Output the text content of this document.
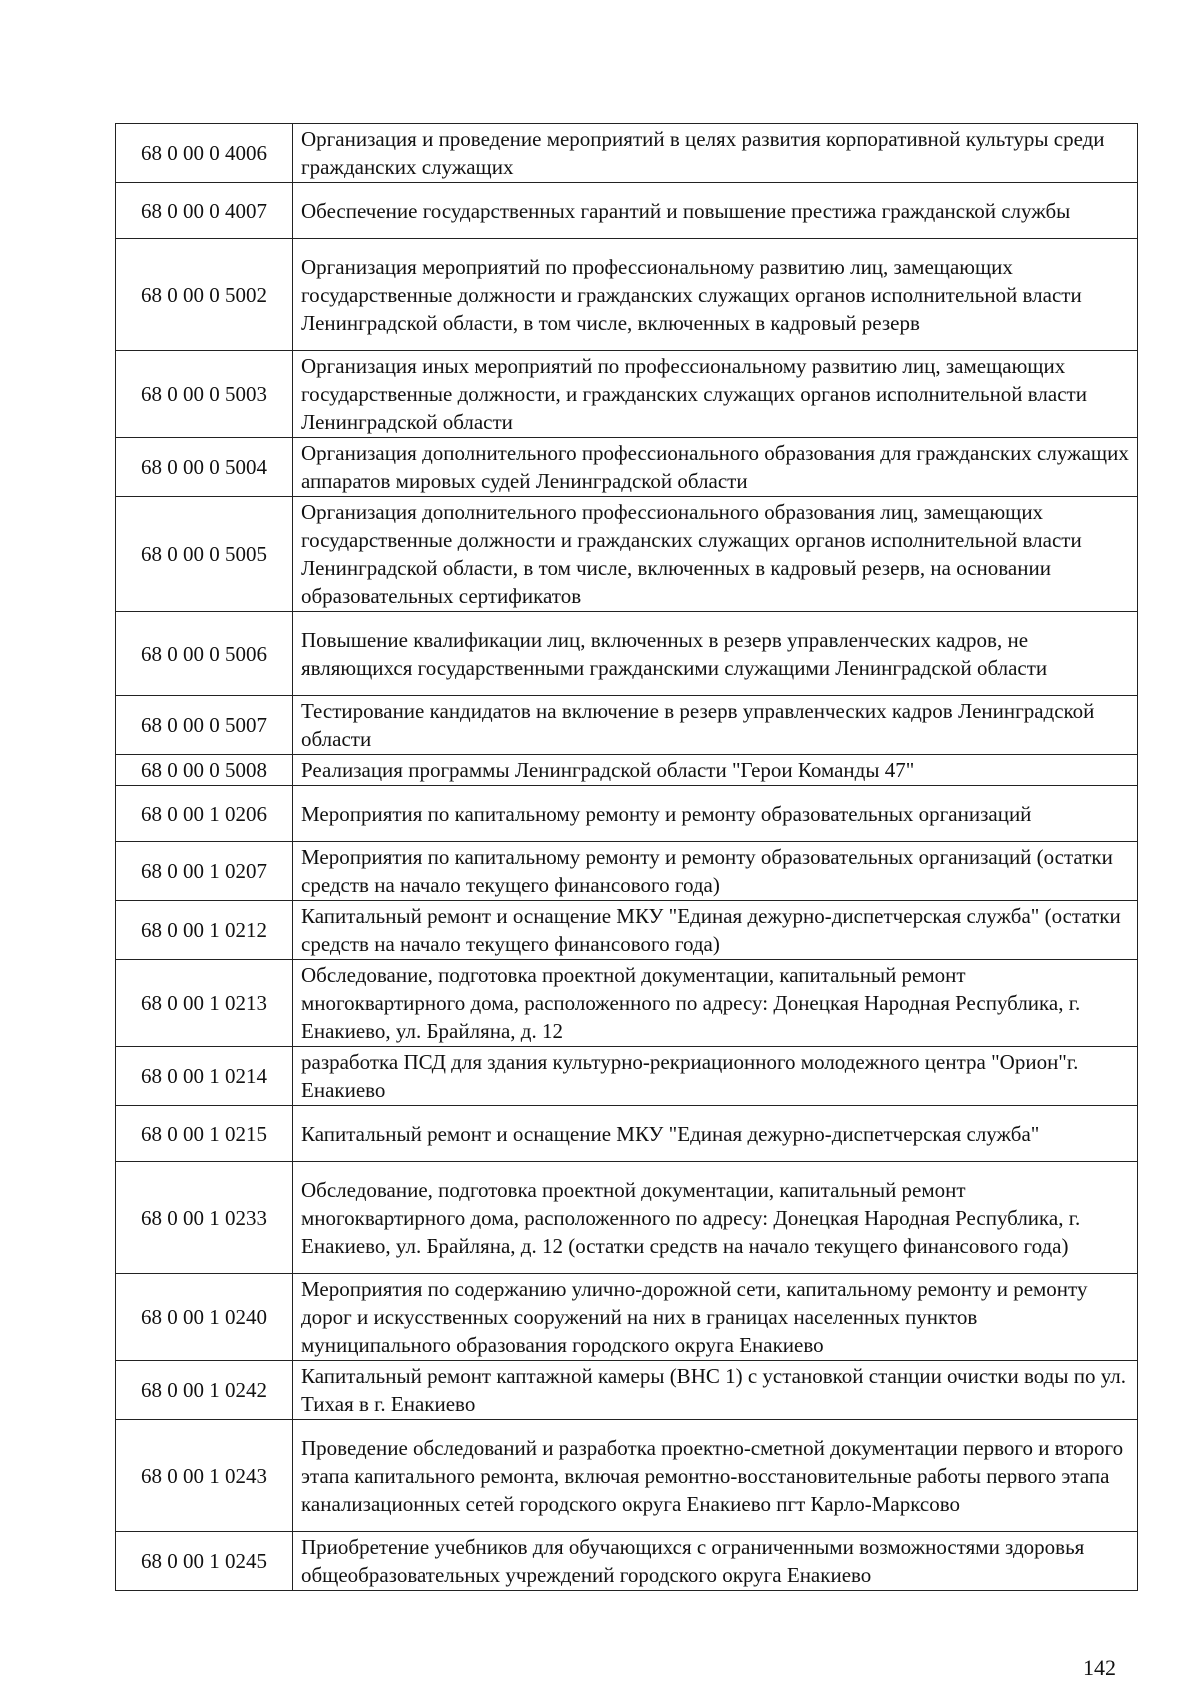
68 0 00 0 4006	Организация и проведение мероприятий в целях развития корпоративной культуры среди гражданских служащих
68 0 00 0 4007	Обеспечение государственных гарантий и повышение престижа гражданской службы
68 0 00 0 5002	Организация мероприятий по профессиональному развитию лиц, замещающих государственные должности и гражданских служащих органов исполнительной власти Ленинградской области, в том числе, включенных в кадровый резерв
68 0 00 0 5003	Организация иных мероприятий по профессиональному развитию лиц, замещающих государственные должности, и гражданских служащих органов исполнительной власти Ленинградской области
68 0 00 0 5004	Организация дополнительного профессионального образования для гражданских служащих аппаратов мировых судей Ленинградской области
68 0 00 0 5005	Организация дополнительного профессионального образования лиц, замещающих государственные должности и гражданских служащих органов исполнительной власти Ленинградской области, в том числе, включенных в кадровый резерв, на основании образовательных сертификатов
68 0 00 0 5006	Повышение квалификации лиц, включенных в резерв управленческих кадров, не являющихся государственными гражданскими служащими Ленинградской области
68 0 00 0 5007	Тестирование кандидатов на включение в резерв управленческих кадров Ленинградской области
68 0 00 0 5008	Реализация программы Ленинградской области "Герои Команды 47"
68 0 00 1 0206	Мероприятия по капитальному ремонту и ремонту образовательных организаций
68 0 00 1 0207	Мероприятия по капитальному ремонту и ремонту образовательных организаций (остатки средств на начало текущего финансового года)
68 0 00 1 0212	Капитальный ремонт и оснащение МКУ "Единая дежурно-диспетчерская служба" (остатки средств на начало текущего финансового года)
68 0 00 1 0213	Обследование, подготовка проектной документации, капитальный ремонт многоквартирного дома, расположенного по адресу: Донецкая Народная Республика, г. Енакиево, ул. Брайляна, д. 12
68 0 00 1 0214	разработка ПСД для здания культурно-рекриационного молодежного центра "Орион"г. Енакиево
68 0 00 1 0215	Капитальный ремонт и оснащение МКУ "Единая дежурно-диспетчерская служба"
68 0 00 1 0233	Обследование, подготовка проектной документации, капитальный ремонт многоквартирного дома, расположенного по адресу: Донецкая Народная Республика, г. Енакиево, ул. Брайляна, д. 12 (остатки средств на начало текущего финансового года)
68 0 00 1 0240	Мероприятия по содержанию улично-дорожной сети, капитальному ремонту и ремонту дорог и искусственных сооружений на них в границах населенных пунктов муниципального образования городского округа Енакиево
68 0 00 1 0242	Капитальный ремонт каптажной камеры (ВНС 1) с установкой станции очистки воды по ул. Тихая в г. Енакиево
68 0 00 1 0243	Проведение обследований и разработка проектно-сметной документации первого и второго этапа капитального ремонта, включая ремонтно-восстановительные работы первого этапа канализационных сетей городского округа Енакиево пгт Карло-Марксово
68 0 00 1 0245	Приобретение учебников для обучающихся с ограниченными возможностями здоровья общеобразовательных учреждений городского округа Енакиево
142
